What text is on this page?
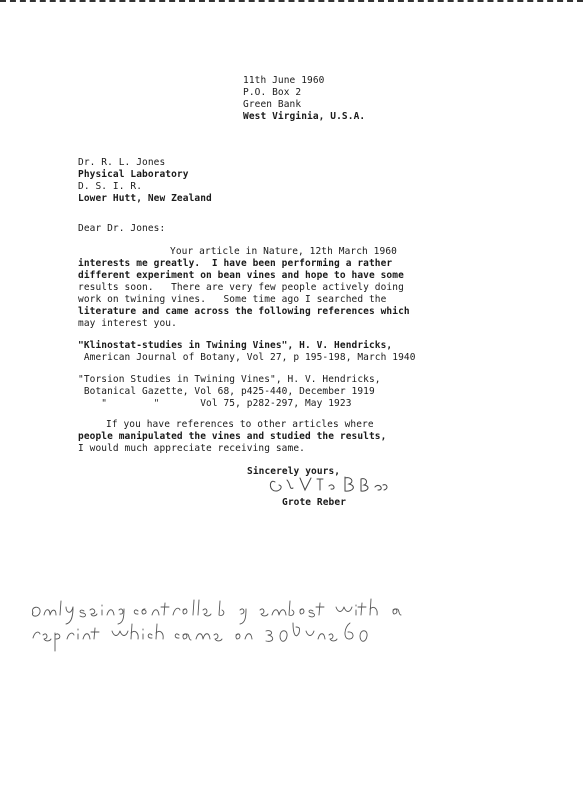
11th June 1960
P.O. Box 2
Green Bank
West Virginia, U.S.A.
Dr. R. L. Jones
Physical Laboratory
D. S. I. R.
Lower Hutt, New Zealand
Dear Dr. Jones:
Your article in Nature, 12th March 1960
interests me greatly.  I have been performing a rather
different experiment on bean vines and hope to have some
results soon.   There are very few people actively doing
work on twining vines.   Some time ago I searched the
literature and came across the following references which
may interest you.
"Klinostat-studies in Twining Vines", H. V. Hendricks,
American Journal of Botany, Vol 27, p 195-198, March 1940
"Torsion Studies in Twining Vines", H. V. Hendricks,
Botanical Gazette, Vol 68, p425-440, December 1919
"        "       Vol 75, p282-297, May 1923
If you have references to other articles where
people manipulated the vines and studied the results,
I would much appreciate receiving same.
Sincerely yours,
Grote Reber
